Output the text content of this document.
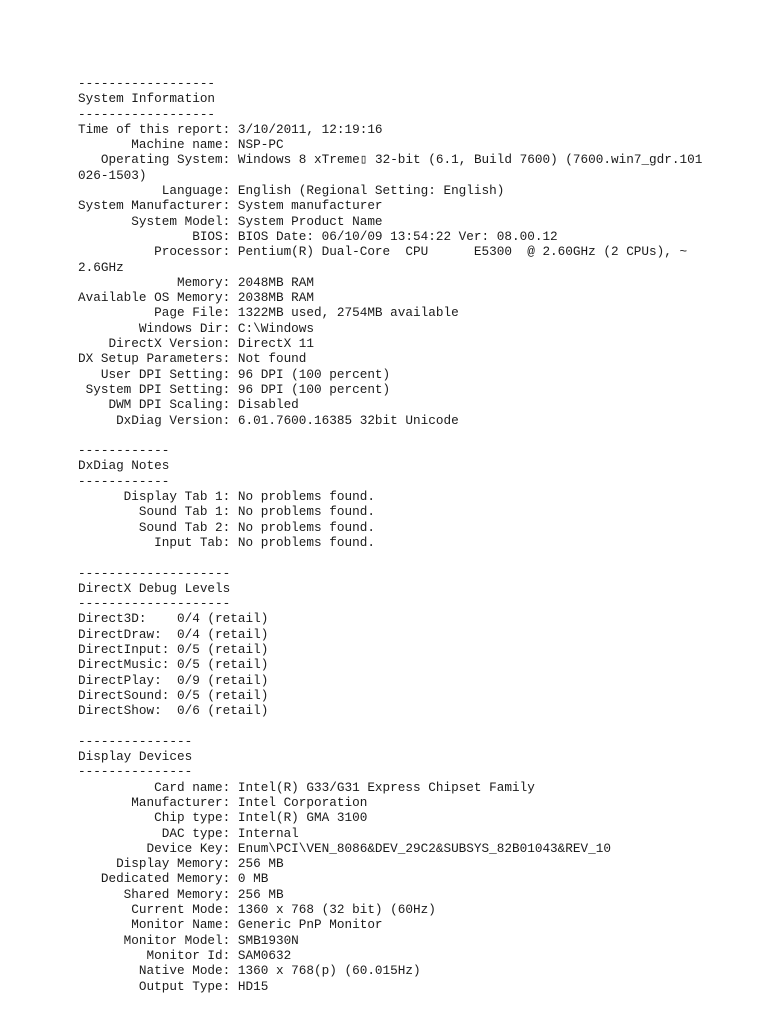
------------------
System Information
------------------
Time of this report: 3/10/2011, 12:19:16
Machine name: NSP-PC
Operating System: Windows 8 xTreme▯ 32-bit (6.1, Build 7600) (7600.win7_gdr.101
026-1503)
Language: English (Regional Setting: English)
System Manufacturer: System manufacturer
System Model: System Product Name
BIOS: BIOS Date: 06/10/09 13:54:22 Ver: 08.00.12
Processor: Pentium(R) Dual-Core  CPU      E5300  @ 2.60GHz (2 CPUs), ~
2.6GHz
Memory: 2048MB RAM
Available OS Memory: 2038MB RAM
Page File: 1322MB used, 2754MB available
Windows Dir: C:\Windows
DirectX Version: DirectX 11
DX Setup Parameters: Not found
User DPI Setting: 96 DPI (100 percent)
System DPI Setting: 96 DPI (100 percent)
DWM DPI Scaling: Disabled
DxDiag Version: 6.01.7600.16385 32bit Unicode
------------
DxDiag Notes
------------
Display Tab 1: No problems found.
Sound Tab 1: No problems found.
Sound Tab 2: No problems found.
Input Tab: No problems found.
--------------------
DirectX Debug Levels
--------------------
Direct3D:    0/4 (retail)
DirectDraw:  0/4 (retail)
DirectInput: 0/5 (retail)
DirectMusic: 0/5 (retail)
DirectPlay:  0/9 (retail)
DirectSound: 0/5 (retail)
DirectShow:  0/6 (retail)
---------------
Display Devices
---------------
Card name: Intel(R) G33/G31 Express Chipset Family
Manufacturer: Intel Corporation
Chip type: Intel(R) GMA 3100
DAC type: Internal
Device Key: Enum\PCI\VEN_8086&DEV_29C2&SUBSYS_82B01043&REV_10
Display Memory: 256 MB
Dedicated Memory: 0 MB
Shared Memory: 256 MB
Current Mode: 1360 x 768 (32 bit) (60Hz)
Monitor Name: Generic PnP Monitor
Monitor Model: SMB1930N
Monitor Id: SAM0632
Native Mode: 1360 x 768(p) (60.015Hz)
Output Type: HD15
